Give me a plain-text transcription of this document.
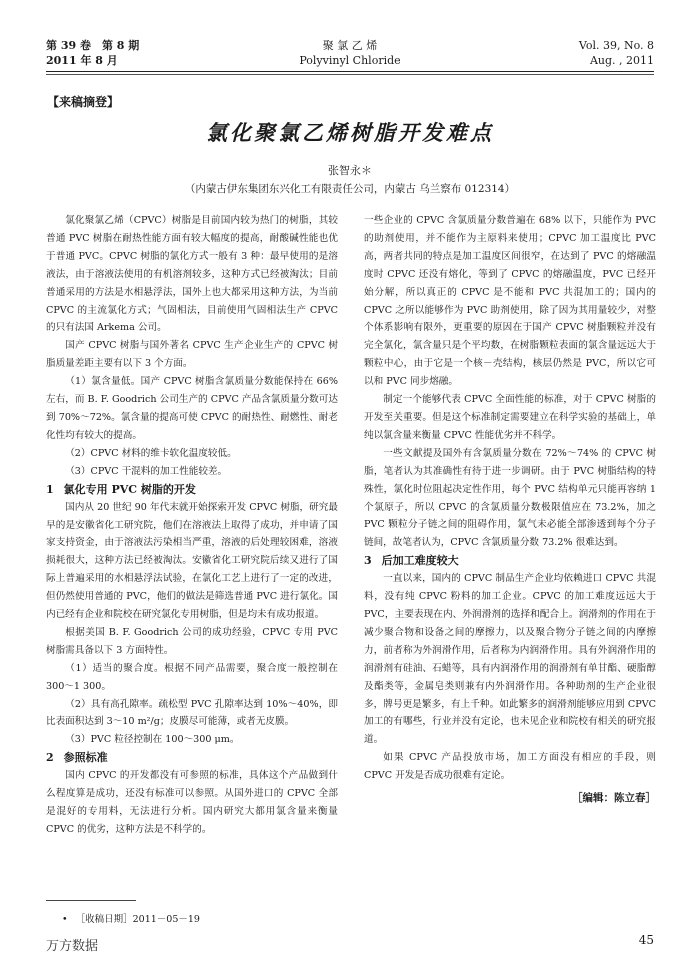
第 39 卷　第 8 期
2011 年 8 月
聚 氯 乙 烯
Polyvinyl Chloride
Vol. 39, No. 8
Aug. , 2011
【来稿摘登】
氯化聚氯乙烯树脂开发难点
张智永＊
（内蒙古伊东集团东兴化工有限责任公司，内蒙古 乌兰察布 012314）

氯化聚氯乙烯（CPVC）树脂是目前国内较为热门的树脂，其较普通 PVC 树脂在耐热性能方面有较大幅度的提高，耐酸碱性能也优于普通 PVC。CPVC 树脂的氯化方式一般有 3 种：最早使用的是溶液法，由于溶液法使用的有机溶剂较多，这种方式已经被淘汰；目前普通采用的方法是水相悬浮法，国外上也大都采用这种方法，为当前 CPVC 的主流氯化方式；气固相法，目前使用气固相法生产 CPVC 的只有法国 Arkema 公司。

国产 CPVC 树脂与国外著名 CPVC 生产企业生产的 CPVC 树脂质量差距主要有以下 3 个方面。

（1）氯含量低。国产 CPVC 树脂含氯质量分数能保持在 66% 左右，而 B. F. Goodrich 公司生产的 CPVC 产品含氯质量分数可达到 70%～72%。氯含量的提高可使 CPVC 的耐热性、耐燃性、耐老化性均有较大的提高。

（2）CPVC 材料的维卡软化温度较低。

（3）CPVC 干混料的加工性能较差。

1 氯化专用 PVC 树脂的开发

国内从 20 世纪 90 年代末就开始探索开发 CPVC 树脂，研究最早的是安徽省化工研究院，他们在溶液法上取得了成功，并申请了国家支持资金，由于溶液法污染相当严重，溶液的后处理较困难，溶液损耗很大，这种方法已经被淘汰。安徽省化工研究院后续又进行了国际上普遍采用的水相悬浮法试验，在氯化工艺上进行了一定的改进，但仍然使用普通的 PVC，他们的做法是筛选普通 PVC 进行氯化。国内已经有企业和院校在研究氯化专用树脂，但是均未有成功报道。

根据美国 B. F. Goodrich 公司的成功经验，CPVC 专用 PVC 树脂需具备以下 3 方面特性。

（1）适当的聚合度。根据不同产品需要，聚合度一般控制在 300～1 300。

（2）具有高孔隙率。疏松型 PVC 孔隙率达到 10%～40%，即比表面积达到 3～10 m²/g；皮膜尽可能薄，或者无皮膜。

（3）PVC 粒径控制在 100～300 μm。

2 参照标准

国内 CPVC 的开发都没有可参照的标准，具体这个产品做到什么程度算是成功，还没有标准可以参照。从国外进口的 CPVC 全部是混好的专用料，无法进行分析。国内研究大都用氯含量来衡量 CPVC 的优劣，这种方法是不科学的。

一些企业的 CPVC 含氯质量分数普遍在 68% 以下，只能作为 PVC 的助剂使用，并不能作为主原料来使用；CPVC 加工温度比 PVC 高，两者共同的特点是加工温度区间很窄，在达到了 PVC 的熔融温度时 CPVC 还没有熔化，等到了 CPVC 的熔融温度，PVC 已经开始分解，所以真正的 CPVC 是不能和 PVC 共混加工的；国内的 CPVC 之所以能够作为 PVC 助剂使用，除了因为其用量较少，对整个体系影响有限外，更重要的原因在于国产 CPVC 树脂颗粒并没有完全氯化，氯含量只是个平均数，在树脂颗粒表面的氯含量远远大于颗粒中心，由于它是一个核－壳结构，核层仍然是 PVC，所以它可以和 PVC 同步熔融。

制定一个能够代表 CPVC 全面性能的标准，对于 CPVC 树脂的开发至关重要。但是这个标准制定需要建立在科学实验的基础上，单纯以氯含量来衡量 CPVC 性能优劣并不科学。

一些文献提及国外有含氯质量分数在 72%～74% 的 CPVC 树脂，笔者认为其准确性有待于进一步调研。由于 PVC 树脂结构的特殊性，氯化时位阻起决定性作用，每个 PVC 结构单元只能再容纳 1 个氯原子，所以 CPVC 的含氯质量分数极限值应在 73.2%，加之 PVC 颗粒分子链之间的阻碍作用，氯气未必能全部渗透到每个分子链间，故笔者认为，CPVC 含氯质量分数 73.2% 很难达到。

3 后加工难度较大

一直以来，国内的 CPVC 制品生产企业均依赖进口 CPVC 共混料，没有纯 CPVC 粉料的加工企业。CPVC 的加工难度远远大于 PVC，主要表现在内、外润滑剂的选择和配合上。润滑剂的作用在于减少聚合物和设备之间的摩擦力，以及聚合物分子链之间的内摩擦力，前者称为外润滑作用，后者称为内润滑作用。具有外润滑作用的润滑剂有硅油、石蜡等，具有内润滑作用的润滑剂有单甘酯、硬脂醇及酯类等，金属皂类则兼有内外润滑作用。各种助剂的生产企业很多，牌号更是繁多，有上千种。如此繁多的润滑剂能够应用到 CPVC 加工的有哪些，行业并没有定论，也未见企业和院校有相关的研究报道。

如果 CPVC 产品投放市场，加工方面没有相应的手段，则 CPVC 开发是否成功很难有定论。

［编辑：陈立春］
• ［收稿日期］2011－05－19
万方数据	45
